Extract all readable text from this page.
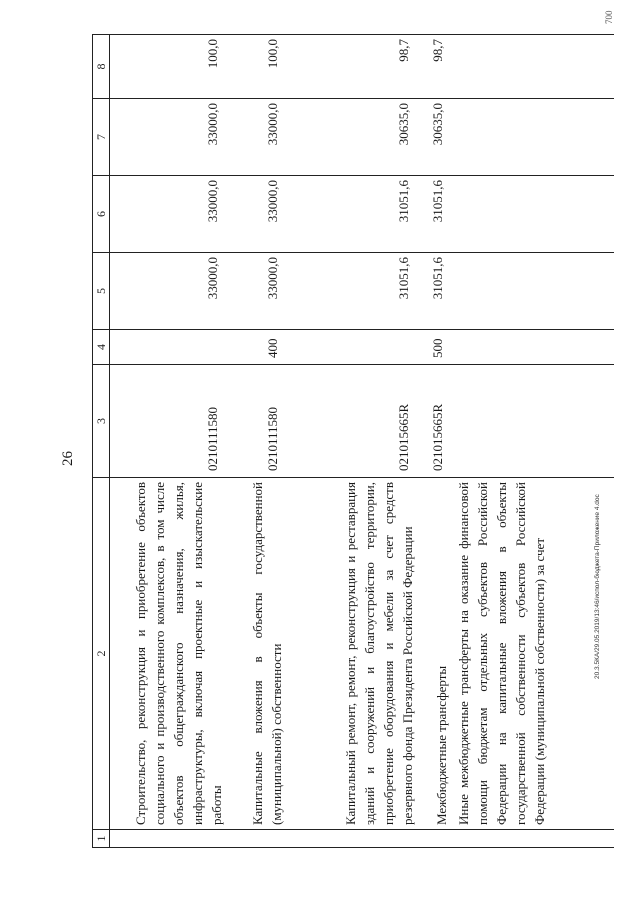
26
1	2	3	4	5	6	7	8
	Строительство, реконструкция и приобретение объектов социального и производственного комплексов, в том числе объектов общегражданского назначения, жилья, инфраструктуры, включая проектные и изыскательские работы	0210111580		33000,0	33000,0	33000,0	100,0
	Капитальные вложения в объекты государственной (муниципальной) собственности	0210111580	400	33000,0	33000,0	33000,0	100,0
	Капитальный ремонт, ремонт, реконструкция и реставрация зданий и сооружений и благоустройство территории, приобретение оборудования и мебели за счет средств резервного фонда Президента Российской Федерации	021015665R		31051,6	31051,6	30635,0	98,7
	Межбюджетные трансферты	021015665R	500	31051,6	31051,6	30635,0	98,7
	Иные межбюджетные трансферты на оказание финансовой помощи бюджетам отдельных субъектов Российской Федерации на капитальные вложения в объекты государственной собственности субъектов Российской Федерации (муниципальной собственности) за счет							20.3.5КА/29.05.2019/13:46/испол-бюджета-Приложение 4.doc
700
